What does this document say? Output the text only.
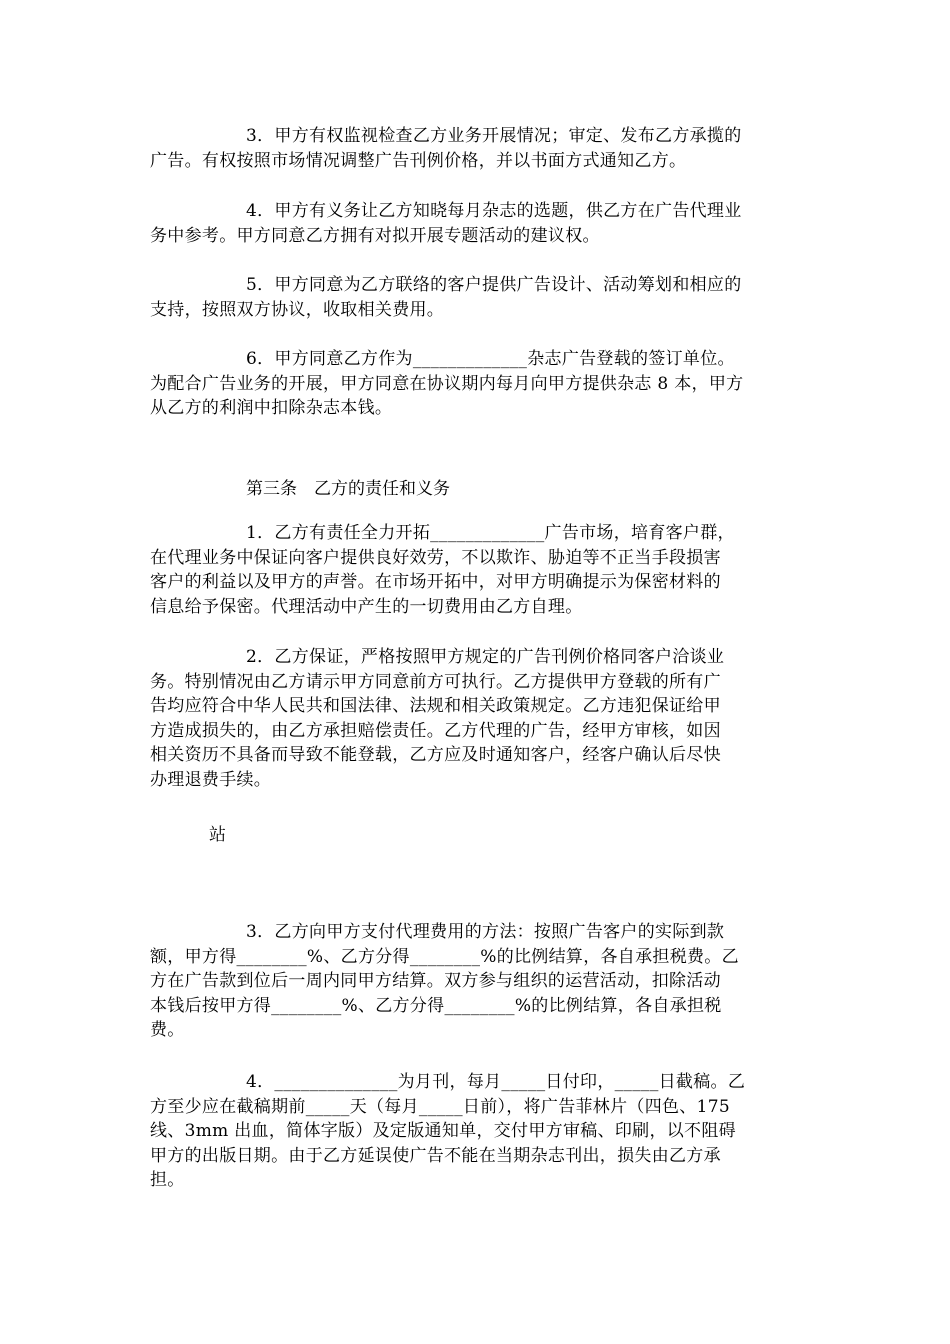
3．甲方有权监视检查乙方业务开展情况；审定、发布乙方承揽的
广告。有权按照市场情况调整广告刊例价格，并以书面方式通知乙方。
4．甲方有义务让乙方知晓每月杂志的选题，供乙方在广告代理业
务中参考。甲方同意乙方拥有对拟开展专题活动的建议权。
5．甲方同意为乙方联络的客户提供广告设计、活动筹划和相应的
支持，按照双方协议，收取相关费用。
6．甲方同意乙方作为_____________杂志广告登载的签订单位。
为配合广告业务的开展，甲方同意在协议期内每月向甲方提供杂志 8 本，甲方
从乙方的利润中扣除杂志本钱。

第三条　乙方的责任和义务

1．乙方有责任全力开拓_____________广告市场，培育客户群，
在代理业务中保证向客户提供良好效劳，不以欺诈、胁迫等不正当手段损害
客户的利益以及甲方的声誉。在市场开拓中，对甲方明确提示为保密材料的
信息给予保密。代理活动中产生的一切费用由乙方自理。
2．乙方保证，严格按照甲方规定的广告刊例价格同客户洽谈业
务。特别情况由乙方请示甲方同意前方可执行。乙方提供甲方登载的所有广
告均应符合中华人民共和国法律、法规和相关政策规定。乙方违犯保证给甲
方造成损失的，由乙方承担赔偿责任。乙方代理的广告，经甲方审核，如因
相关资历不具备而导致不能登载，乙方应及时通知客户，经客户确认后尽快
办理退费手续。

站

3．乙方向甲方支付代理费用的方法：按照广告客户的实际到款
额，甲方得________%、乙方分得________%的比例结算，各自承担税费。乙
方在广告款到位后一周内同甲方结算。双方参与组织的运营活动，扣除活动
本钱后按甲方得________%、乙方分得________%的比例结算，各自承担税
费。
4．______________为月刊，每月_____日付印，_____日截稿。乙
方至少应在截稿期前_____天（每月_____日前），将广告菲林片（四色、175
线、3mm 出血，简体字版）及定版通知单，交付甲方审稿、印刷，以不阻碍
甲方的出版日期。由于乙方延误使广告不能在当期杂志刊出，损失由乙方承
担。
